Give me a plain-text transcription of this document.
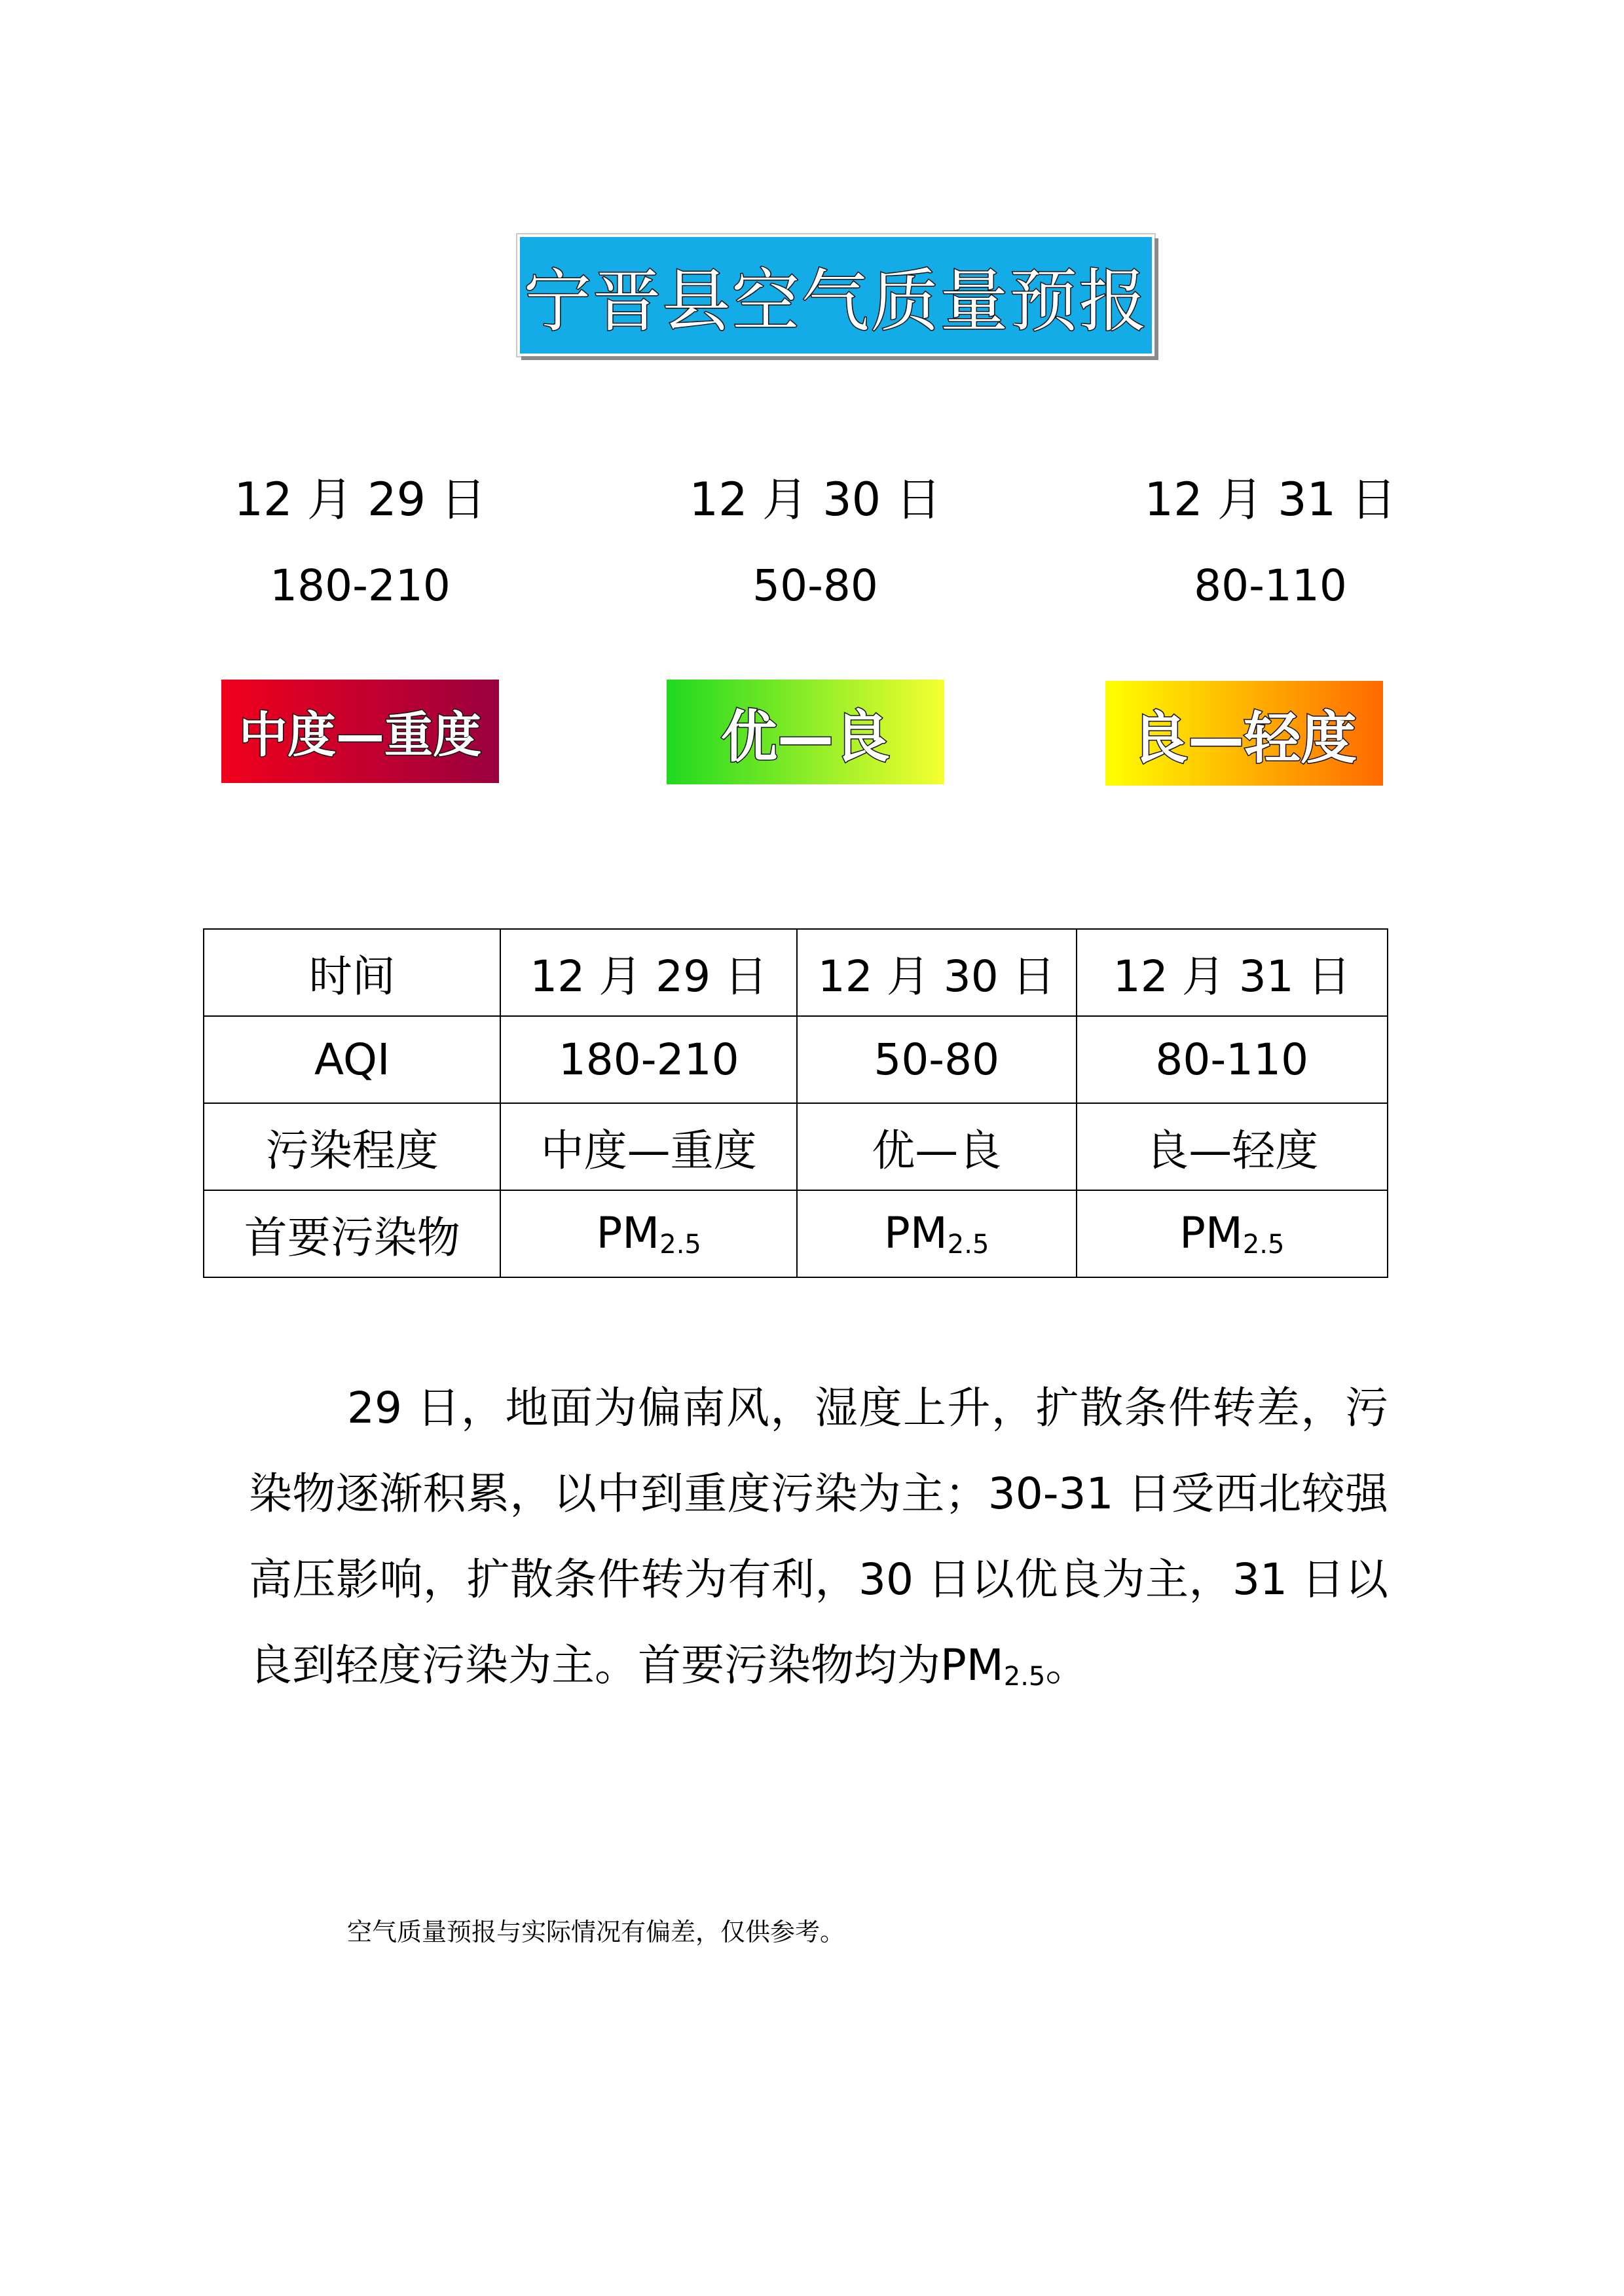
宁晋县空气质量预报
12 月 29 日
180-210
12 月 30 日
50-80
12 月 31 日
80-110
中度—重度	优—良	良—轻度
时间	12 月 29 日	12 月 30 日	12 月 31 日
AQI	180-210	50-80	80-110
污染程度	中度—重度	优—良	良—轻度
首要污染物	$PM_{2.5}$	$PM_{2.5}$	$PM_{2.5}$
29 日，地面为偏南风，湿度上升，扩散条件转差，污染物逐渐积累，以中到重度污染为主；30-31 日受西北较强高压影响，扩散条件转为有利，30 日以优良为主，31 日以良到轻度污染为主。首要污染物均为$PM_{2.5}$。
空气质量预报与实际情况有偏差，仅供参考。
